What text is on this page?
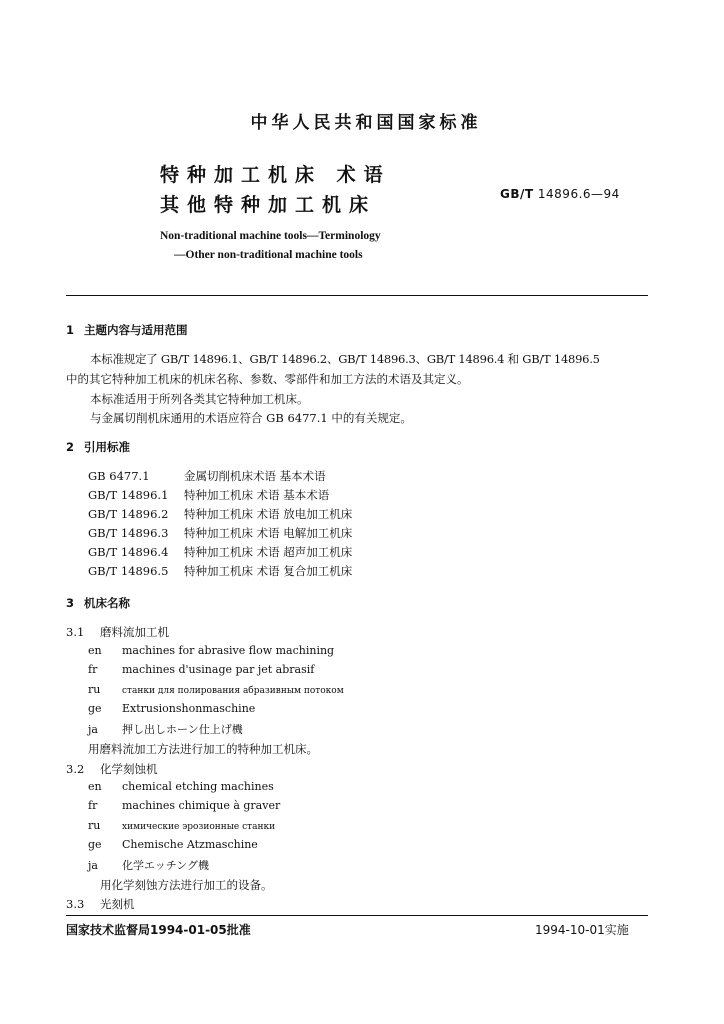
中华人民共和国国家标准
特种加工机床 术语
其他特种加工机床	GB/T 14896.6—94
Non-traditional machine tools—Terminology
—Other non-traditional machine tools
1 主题内容与适用范围
本标准规定了 GB/T 14896.1、GB/T 14896.2、GB/T 14896.3、GB/T 14896.4 和 GB/T 14896.5
中的其它特种加工机床的机床名称、参数、零部件和加工方法的术语及其定义。
本标准适用于所列各类其它特种加工机床。
与金属切削机床通用的术语应符合 GB 6477.1 中的有关规定。
2 引用标准
GB 6477.1	金属切削机床术语 基本术语
GB/T 14896.1 特种加工机床 术语 基本术语
GB/T 14896.2 特种加工机床 术语 放电加工机床
GB/T 14896.3 特种加工机床 术语 电解加工机床
GB/T 14896.4 特种加工机床 术语 超声加工机床
GB/T 14896.5 特种加工机床 术语 复合加工机床
3 机床名称
3.1 磨料流加工机
en machines for abrasive flow machining
fr machines d'usinage par jet abrasif
ru станки для полирования абразивным потоком
ge Extrusionshonmaschine
ja 押し出しホーン仕上げ機
用磨料流加工方法进行加工的特种加工机床。
3.2 化学刻蚀机
en chemical etching machines
fr machines chimique à graver
ru химические эрозионные станки
ge Chemische Atzmaschine
ja 化学エッチング機
用化学刻蚀方法进行加工的设备。
3.3 光刻机
国家技术监督局1994-01-05批准	1994-10-01实施
